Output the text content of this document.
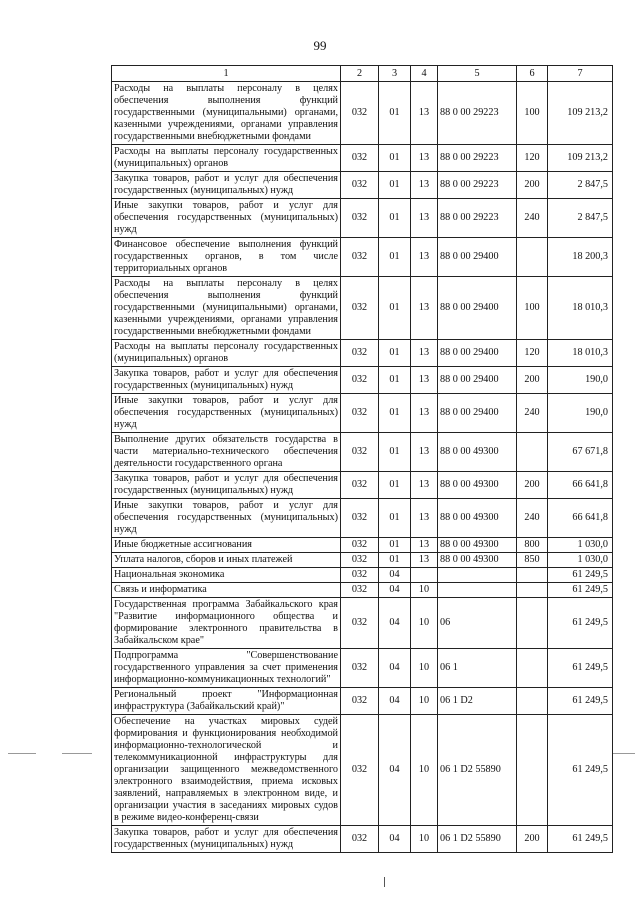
99
1	2	3	4	5	6	7
Расходы на выплаты персоналу в целях обеспечения выполнения функций государственными (муниципальными) органами, казенными учреждениями, органами управления государственными внебюджетными фондами	032	01	13	88 0 00 29223	100	109 213,2
Расходы на выплаты персоналу государственных (муниципальных) органов	032	01	13	88 0 00 29223	120	109 213,2
Закупка товаров, работ и услуг для обеспечения государственных (муниципальных) нужд	032	01	13	88 0 00 29223	200	2 847,5
Иные закупки товаров, работ и услуг для обеспечения государственных (муниципальных) нужд	032	01	13	88 0 00 29223	240	2 847,5
Финансовое обеспечение выполнения функций государственных органов, в том числе территориальных органов	032	01	13	88 0 00 29400		18 200,3
Расходы на выплаты персоналу в целях обеспечения выполнения функций государственными (муниципальными) органами, казенными учреждениями, органами управления государственными внебюджетными фондами	032	01	13	88 0 00 29400	100	18 010,3
Расходы на выплаты персоналу государственных (муниципальных) органов	032	01	13	88 0 00 29400	120	18 010,3
Закупка товаров, работ и услуг для обеспечения государственных (муниципальных) нужд	032	01	13	88 0 00 29400	200	190,0
Иные закупки товаров, работ и услуг для обеспечения государственных (муниципальных) нужд	032	01	13	88 0 00 29400	240	190,0
Выполнение других обязательств государства в части материально-технического обеспечения деятельности государственного органа	032	01	13	88 0 00 49300		67 671,8
Закупка товаров, работ и услуг для обеспечения государственных (муниципальных) нужд	032	01	13	88 0 00 49300	200	66 641,8
Иные закупки товаров, работ и услуг для обеспечения государственных (муниципальных) нужд	032	01	13	88 0 00 49300	240	66 641,8
Иные бюджетные ассигнования	032	01	13	88 0 00 49300	800	1 030,0
Уплата налогов, сборов и иных платежей	032	01	13	88 0 00 49300	850	1 030,0
Национальная экономика	032	04				61 249,5
Связь и информатика	032	04	10			61 249,5
Государственная программа Забайкальского края "Развитие информационного общества и формирование электронного правительства в Забайкальском крае"	032	04	10	06		61 249,5
Подпрограмма "Совершенствование государственного управления за счет применения информационно-коммуникационных технологий"	032	04	10	06 1		61 249,5
Региональный проект "Информационная инфраструктура (Забайкальский край)"	032	04	10	06 1 D2		61 249,5
Обеспечение на участках мировых судей формирования и функционирования необходимой информационно-технологической и телекоммуникационной инфраструктуры для организации защищенного межведомственного электронного взаимодействия, приема исковых заявлений, направляемых в электронном виде, и организации участия в заседаниях мировых судов в режиме видео-конференц-связи	032	04	10	06 1 D2 55890		61 249,5
Закупка товаров, работ и услуг для обеспечения государственных (муниципальных) нужд	032	04	10	06 1 D2 55890	200	61 249,5
